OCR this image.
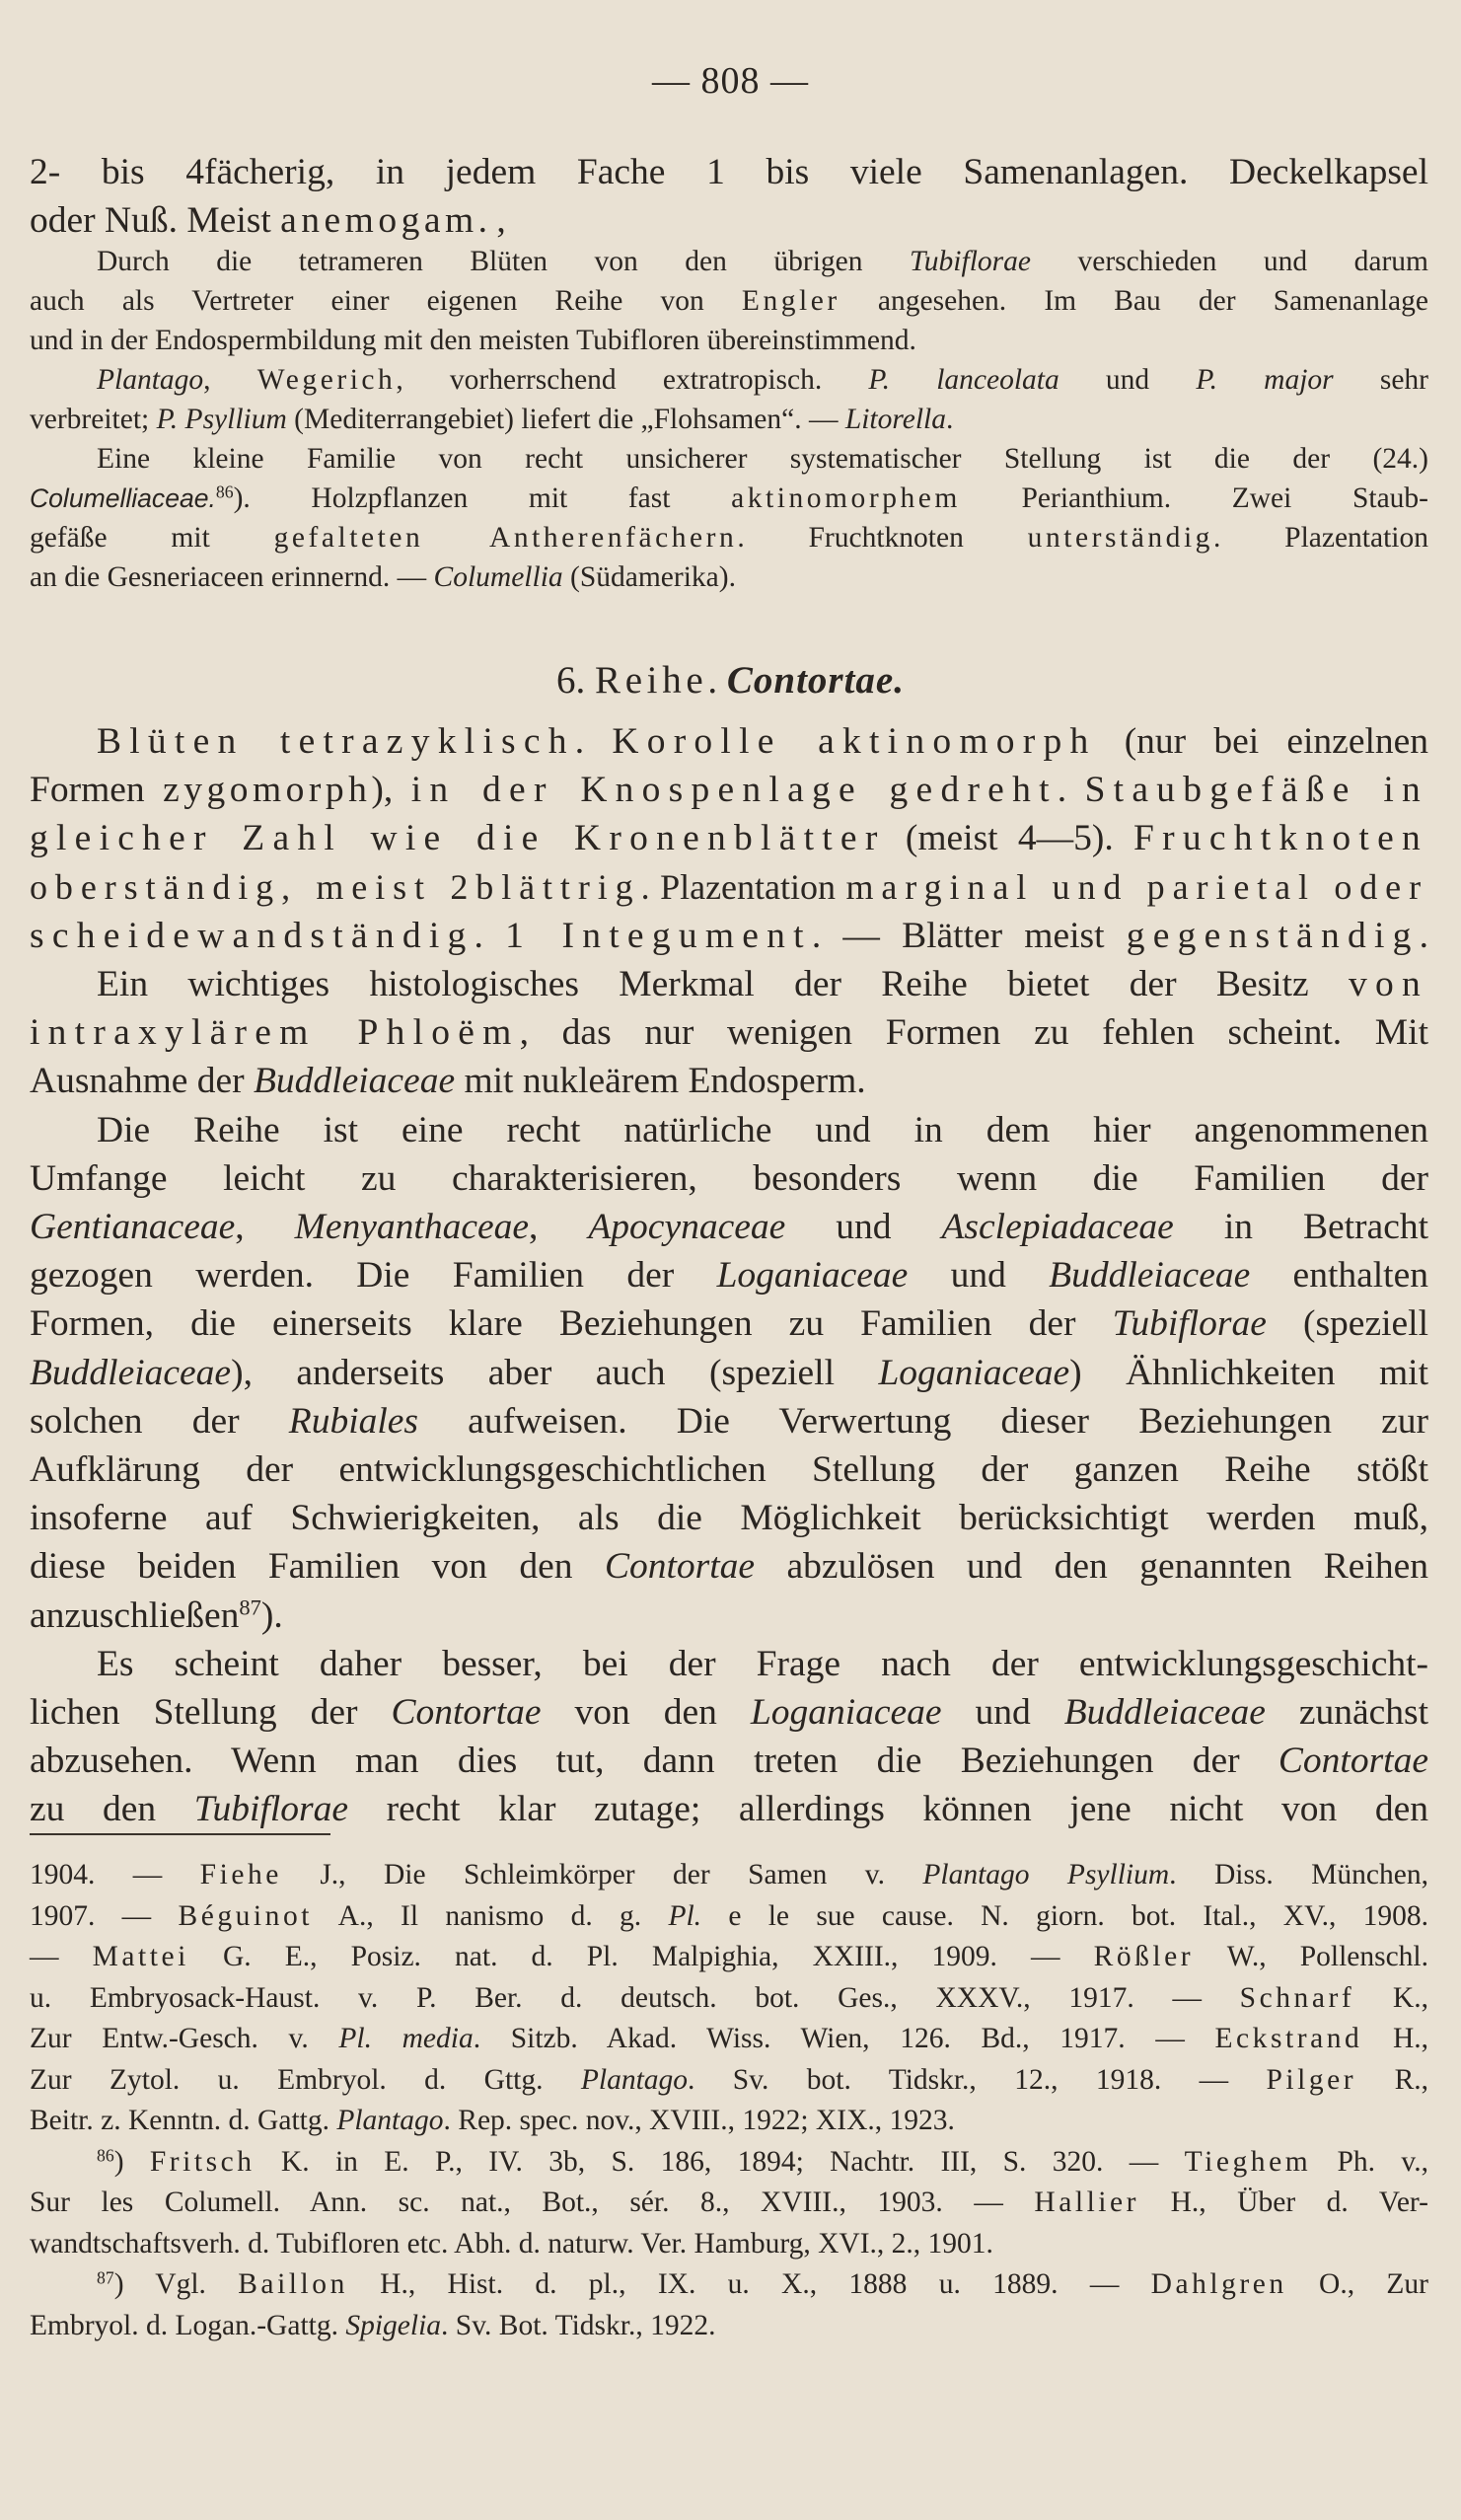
— 808 —
2- bis 4fächerig, in jedem Fache 1 bis viele Samenanlagen. Deckelkapsel
oder Nuß. Meist anemogam. ,
Durch die tetrameren Blüten von den übrigen Tubiflorae verschieden und darum
auch als Vertreter einer eigenen Reihe von Engler angesehen. Im Bau der Samenanlage
und in der Endospermbildung mit den meisten Tubifloren übereinstimmend.
Plantago, Wegerich, vorherrschend extratropisch. P. lanceolata und P. major sehr
verbreitet; P. Psyllium (Mediterrangebiet) liefert die „Flohsamen“. — Litorella.
Eine kleine Familie von recht unsicherer systematischer Stellung ist die der (24.)
Columelliaceae.$^{86}$). Holzpflanzen mit fast aktinomorphem Perianthium. Zwei Staub-
gefäße mit gefalteten Antherenfächern. Fruchtknoten unterständig. Plazentation
an die Gesneriaceen erinnernd. — Columellia (Südamerika).
6. Reihe. Contortae.
Blüten tetrazyklisch. Korolle aktinomorph (nur bei einzelnen
Formen zygomorph), in der Knospenlage gedreht. Staubgefäße in
gleicher Zahl wie die Kronenblätter (meist 4—5). Fruchtknoten
oberständig, meist 2blättrig. Plazentation marginal und parietal oder
scheidewandständig. 1 Integument. — Blätter meist gegenständig.
Ein wichtiges histologisches Merkmal der Reihe bietet der Besitz von
intraxylärem Phloëm, das nur wenigen Formen zu fehlen scheint. Mit
Ausnahme der Buddleiaceae mit nukleärem Endosperm.
Die Reihe ist eine recht natürliche und in dem hier angenommenen
Umfange leicht zu charakterisieren, besonders wenn die Familien der
Gentianaceae, Menyanthaceae, Apocynaceae und Asclepiadaceae in Betracht
gezogen werden. Die Familien der Loganiaceae und Buddleiaceae enthalten
Formen, die einerseits klare Beziehungen zu Familien der Tubiflorae (speziell
Buddleiaceae), anderseits aber auch (speziell Loganiaceae) Ähnlichkeiten mit
solchen der Rubiales aufweisen. Die Verwertung dieser Beziehungen zur
Aufklärung der entwicklungsgeschichtlichen Stellung der ganzen Reihe stößt
insoferne auf Schwierigkeiten, als die Möglichkeit berücksichtigt werden muß,
diese beiden Familien von den Contortae abzulösen und den genannten Reihen
anzuschließen$^{87}$).
Es scheint daher besser, bei der Frage nach der entwicklungsgeschicht-
lichen Stellung der Contortae von den Loganiaceae und Buddleiaceae zunächst
abzusehen. Wenn man dies tut, dann treten die Beziehungen der Contortae
zu den Tubiflorae recht klar zutage; allerdings können jene nicht von den
1904. — Fiehe J., Die Schleimkörper der Samen v. Plantago Psyllium. Diss. München,
1907. — Béguinot A., Il nanismo d. g. Pl. e le sue cause. N. giorn. bot. Ital., XV., 1908.
— Mattei G. E., Posiz. nat. d. Pl. Malpighia, XXIII., 1909. — Rößler W., Pollenschl.
u. Embryosack-Haust. v. P. Ber. d. deutsch. bot. Ges., XXXV., 1917. — Schnarf K.,
Zur Entw.-Gesch. v. Pl. media. Sitzb. Akad. Wiss. Wien, 126. Bd., 1917. — Eckstrand H.,
Zur Zytol. u. Embryol. d. Gttg. Plantago. Sv. bot. Tidskr., 12., 1918. — Pilger R.,
Beitr. z. Kenntn. d. Gattg. Plantago. Rep. spec. nov., XVIII., 1922; XIX., 1923.
$^{86}$) Fritsch K. in E. P., IV. 3b, S. 186, 1894; Nachtr. III, S. 320. — Tieghem Ph. v.,
Sur les Columell. Ann. sc. nat., Bot., sér. 8., XVIII., 1903. — Hallier H., Über d. Ver-
wandtschaftsverh. d. Tubifloren etc. Abh. d. naturw. Ver. Hamburg, XVI., 2., 1901.
$^{87}$) Vgl. Baillon H., Hist. d. pl., IX. u. X., 1888 u. 1889. — Dahlgren O., Zur
Embryol. d. Logan.-Gattg. Spigelia. Sv. Bot. Tidskr., 1922.
